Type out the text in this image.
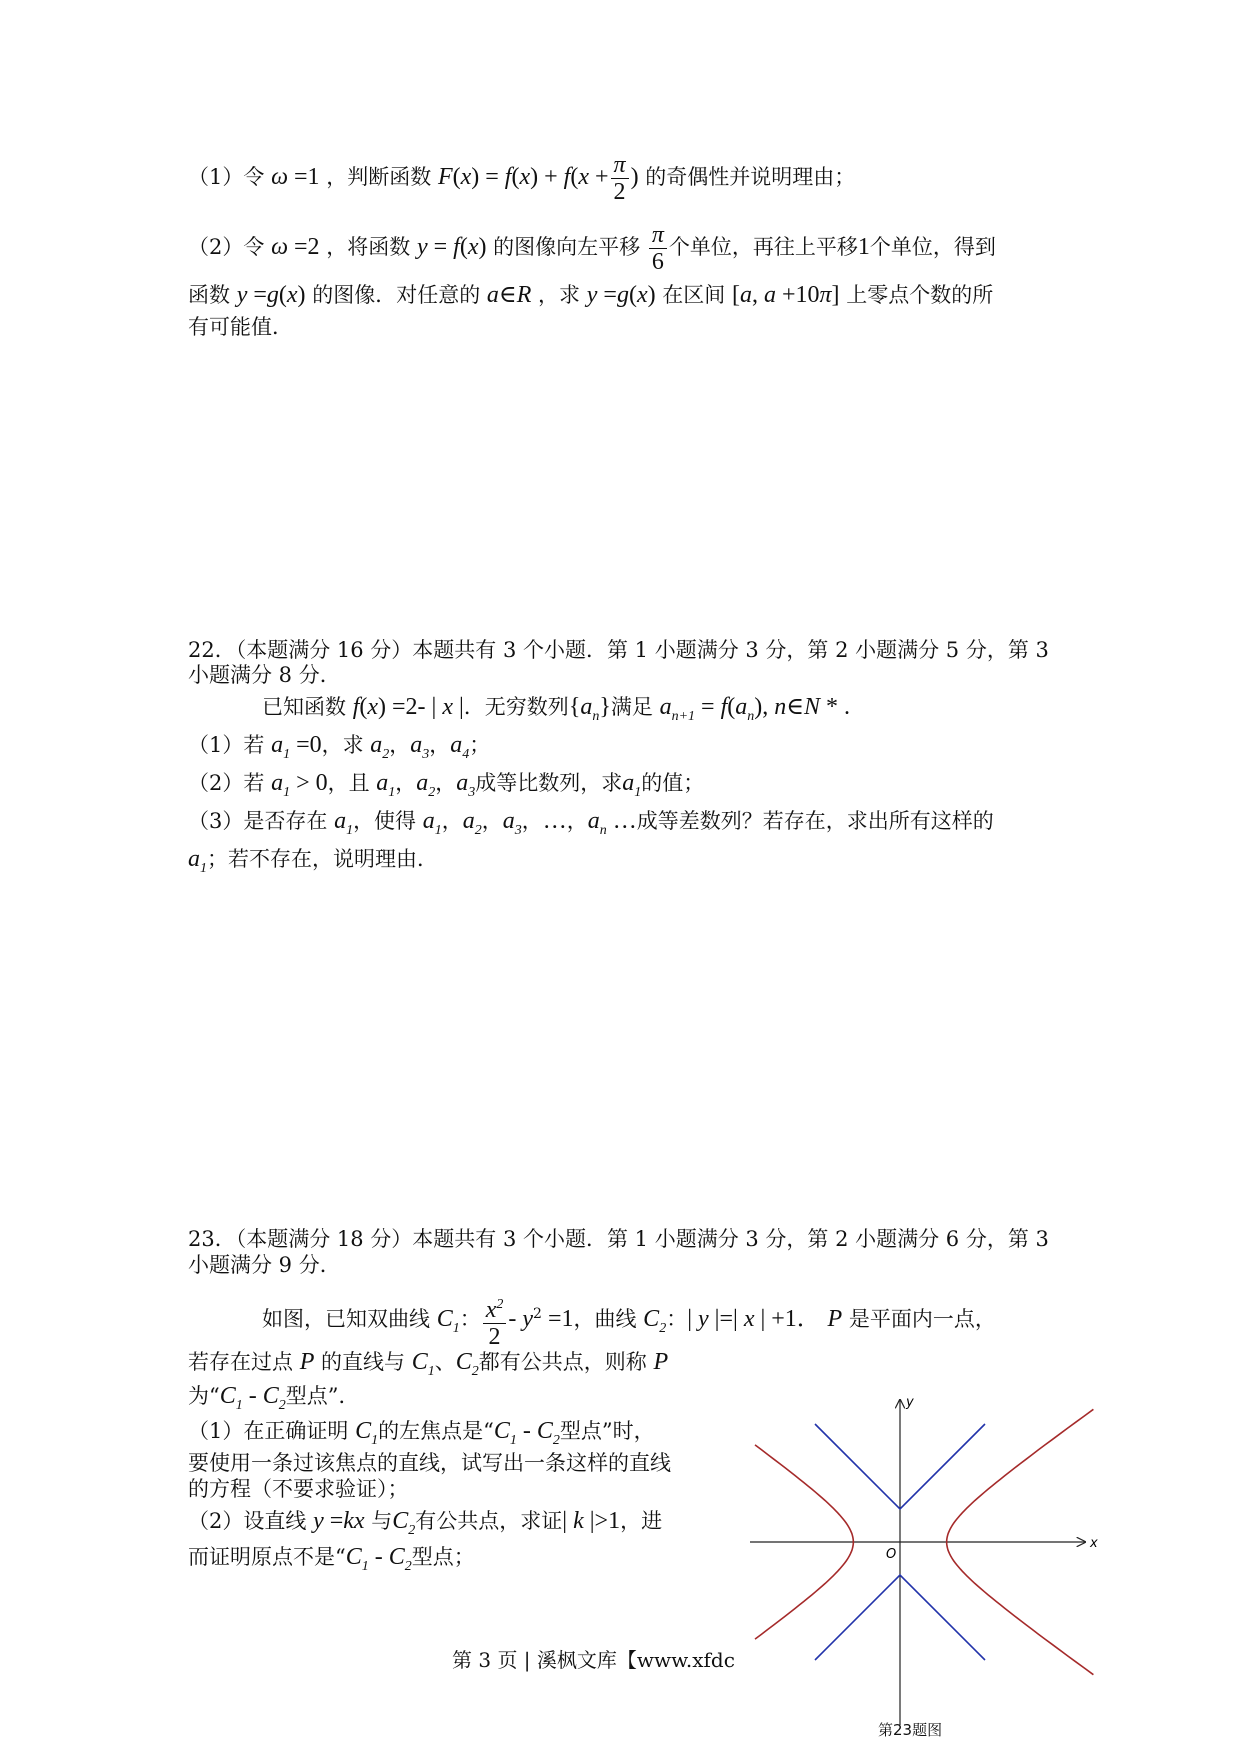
（1）令 ω =1 ，判断函数 $F(x) = f(x) + f(x + \frac{\pi}{2}$ ) 的奇偶性并说明理由；
（2）令 ω =2 ，将函数 y = f(x) 的图像向左平移 $\frac{\pi}{6}$ 个单位，再往上平移1个单位，得到
函数 y =g(x) 的图像．对任意的 a∈R ，求 y =g(x) 在区间 [a, a +10π] 上零点个数的所
有可能值．
22．（本题满分 16 分）本题共有 3 个小题．第 1 小题满分 3 分，第 2 小题满分 5 分，第 3
小题满分 8 分．
已知函数 f(x) =2- | x |．无穷数列$\{a_n\}$满足 $a_{n+1} = f(a_n)$, n∈N * .
（1）若 $a_1 =0$，求 $a_2$，$a_3$，$a_4$；
（2）若 $a_1 > 0$，且 $a_1$，$a_2$，$a_3$成等比数列，求$a_1$的值；
（3）是否存在 $a_1$，使得 $a_1$，$a_2$，$a_3$，…，$a_n$ …成等差数列？若存在，求出所有这样的
$a_1$；若不存在，说明理由．
23．（本题满分 18 分）本题共有 3 个小题．第 1 小题满分 3 分，第 2 小题满分 6 分，第 3
小题满分 9 分．
如图，已知双曲线 $C_1$： $\frac{x^2}{2} - y^2 =1$，曲线 $C_2$：| y |=| x | +1． P 是平面内一点，
若存在过点 P 的直线与 $C_1$、$C_2$都有公共点，则称 P
为“$C_1 - C_2$型点”．
（1）在正确证明 $C_1$的左焦点是“$C_1 - C_2$型点”时，
要使用一条过该焦点的直线，试写出一条这样的直线
的方程（不要求验证）；
（2）设直线 y =kx 与$C_2$有公共点，求证| k |>1，进
而证明原点不是“$C_1 - C_2$型点；
x
y
O
第23题图
第 3 页 | 溪枫文库【www.xfdc
